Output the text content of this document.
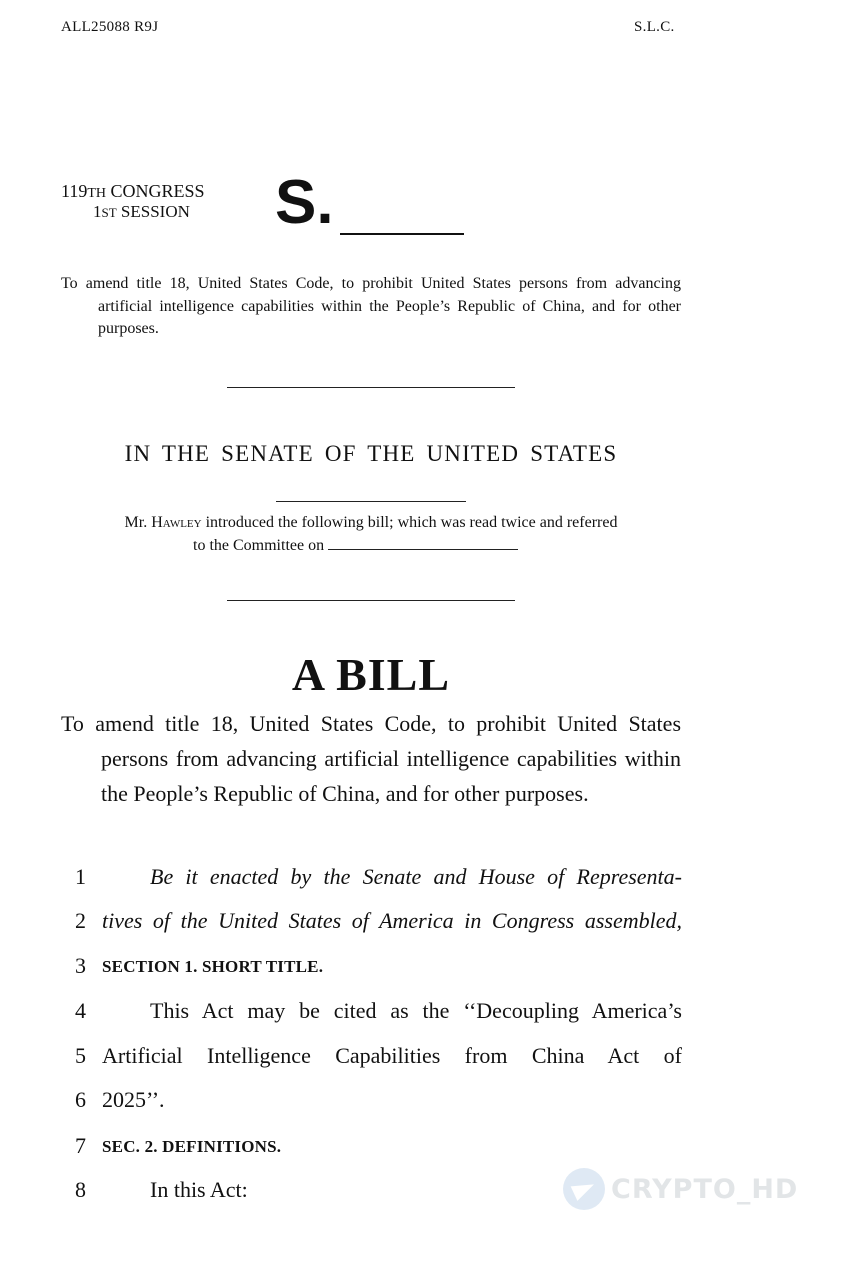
ALL25088 R9J	S.L.C.
119TH CONGRESS
1ST SESSION S.

To amend title 18, United States Code, to prohibit United States persons from advancing artificial intelligence capabilities within the People’s Republic of China, and for other purposes.

IN THE SENATE OF THE UNITED STATES

Mr. Hawley introduced the following bill; which was read twice and referred

to the Committee on

A BILL

To amend title 18, United States Code, to prohibit United States persons from advancing artificial intelligence capabilities within the People’s Republic of China, and for other purposes.

1	Be it enacted by the Senate and House of Representa-
2 tives of the United States of America in Congress assembled,
3 SECTION 1. SHORT TITLE.
4	This Act may be cited as the ‘‘Decoupling America’s
5 Artificial Intelligence Capabilities from China Act of
6 2025’’.
7 SEC. 2. DEFINITIONS.
8	In this Act:	CRYPTO_HD
